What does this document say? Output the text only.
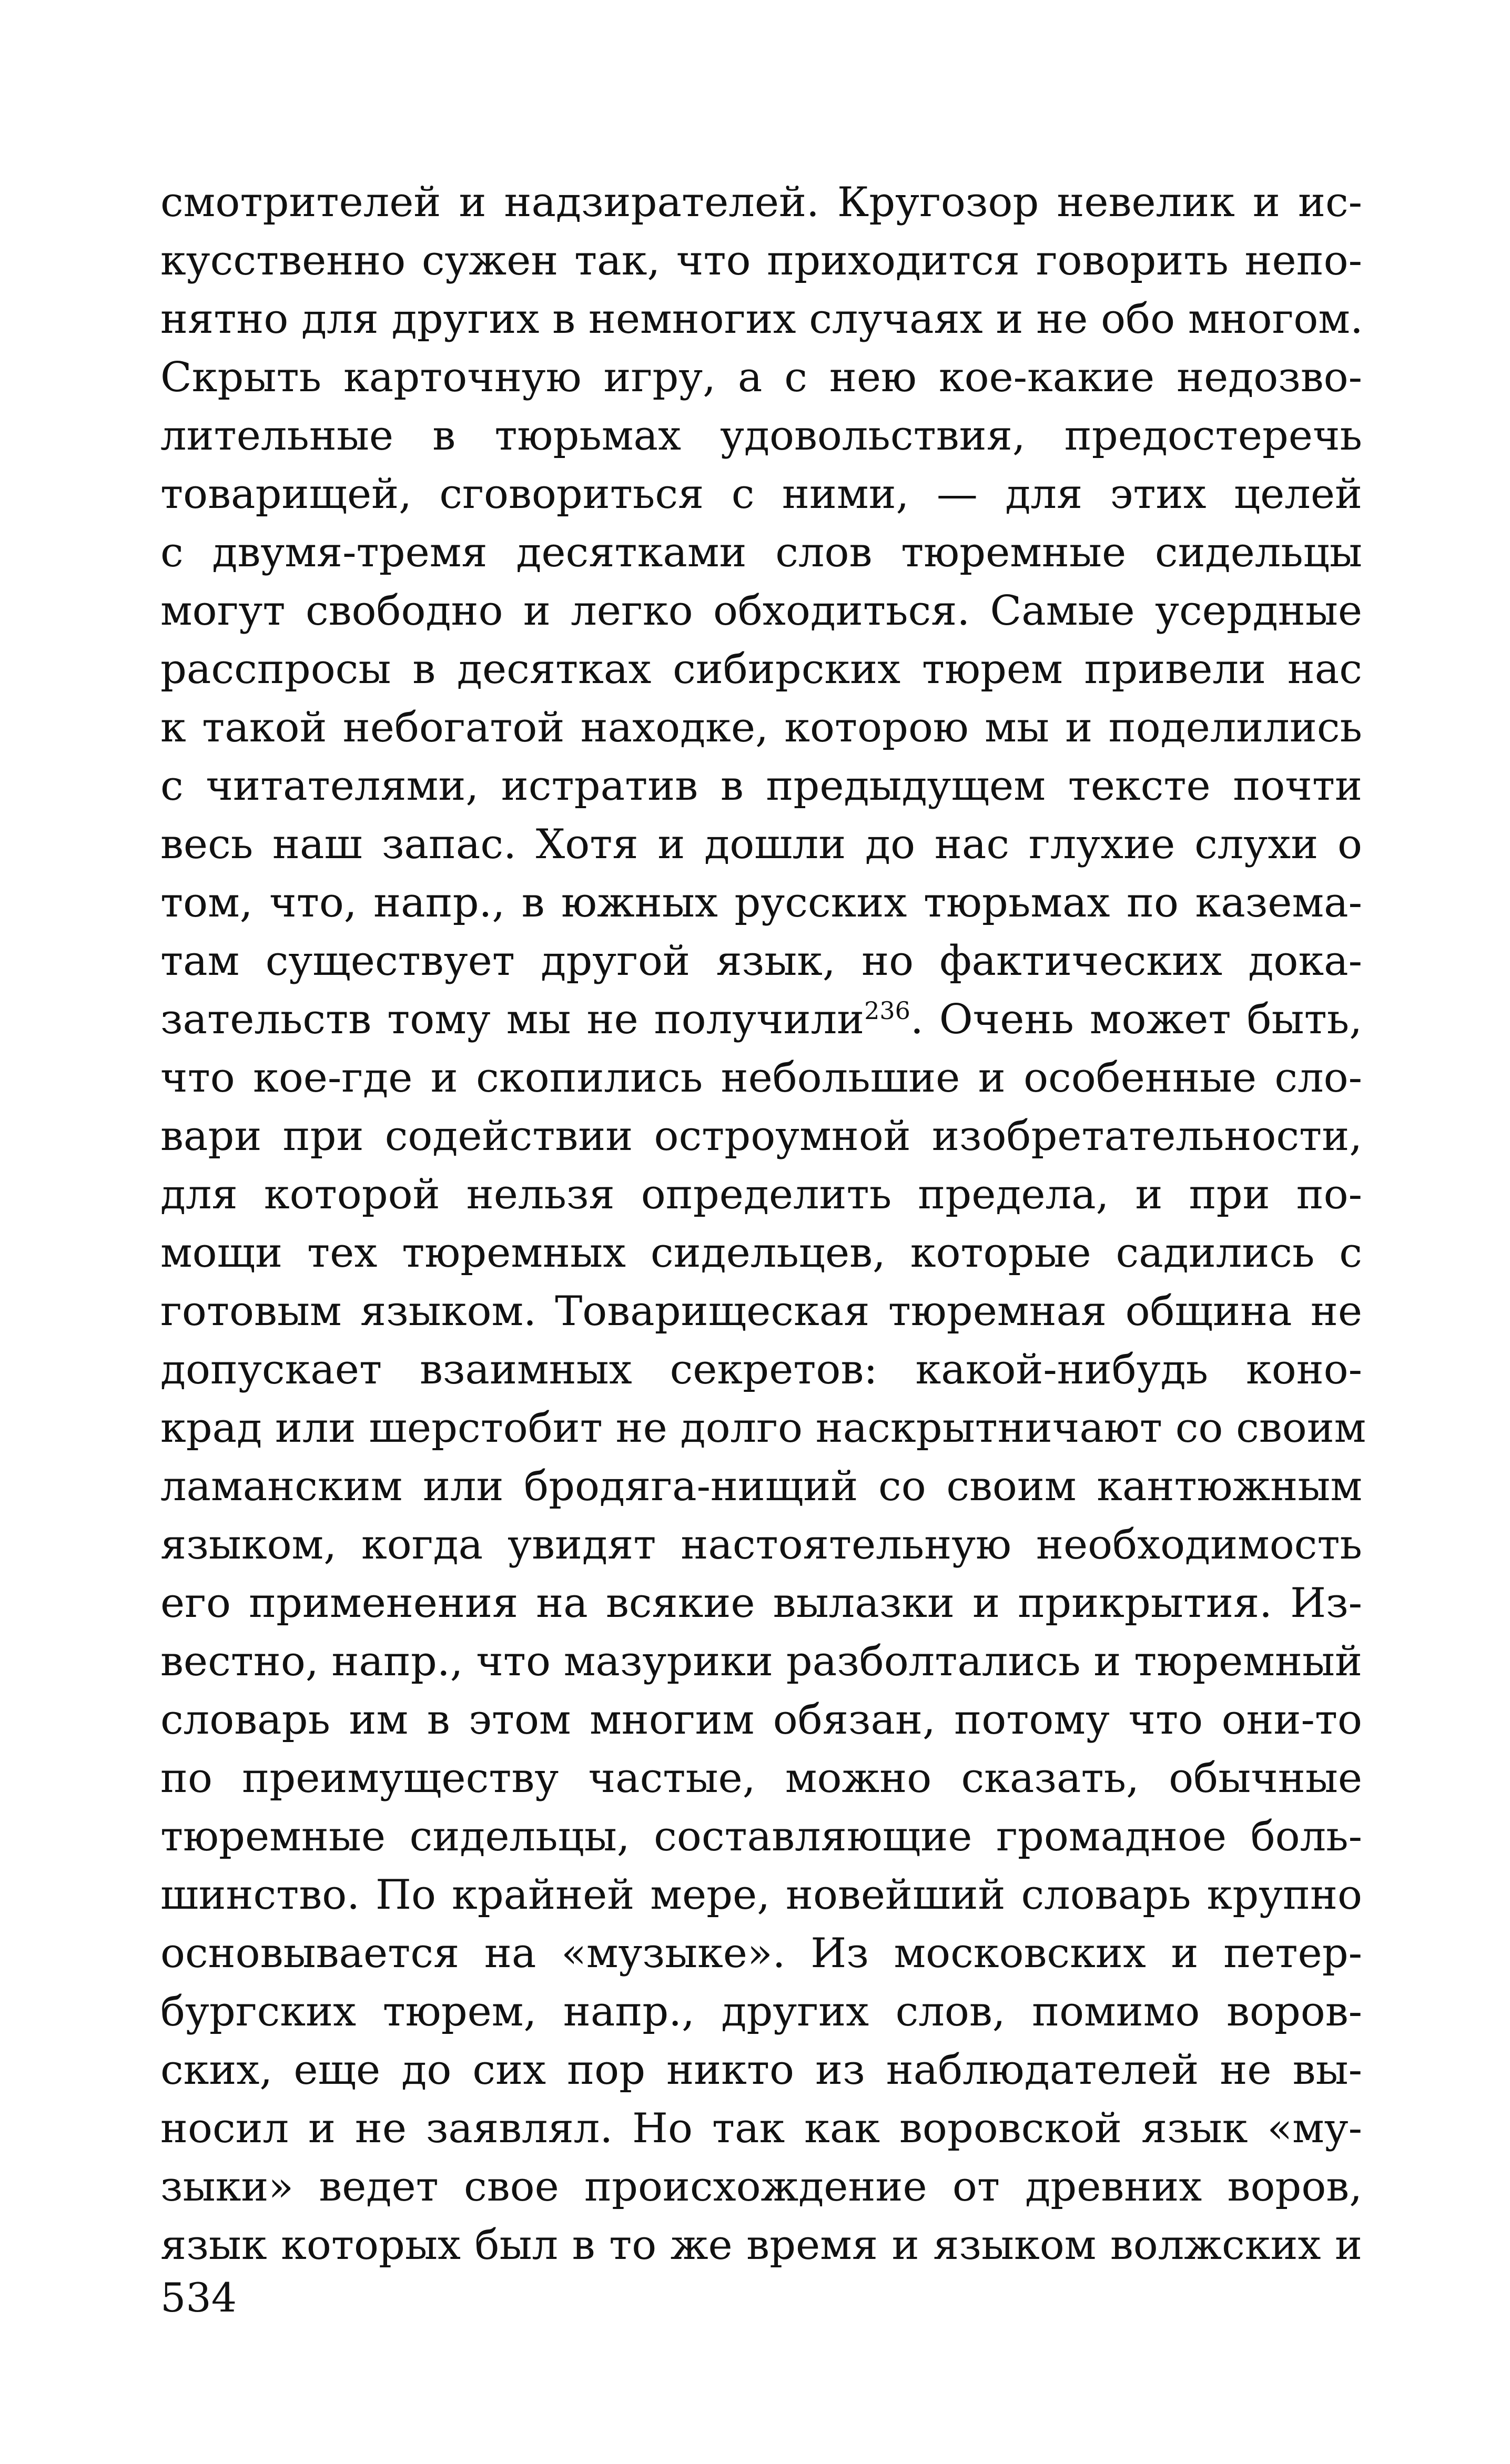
смотрителей и надзирателей. Кругозор невелик и ис-
кусственно сужен так, что приходится говорить непо-
нятно для других в немногих случаях и не обо многом.
Скрыть карточную игру, а с нею кое-какие недозво-
лительные в тюрьмах удовольствия, предостеречь
товарищей, сговориться с ними, — для этих целей
с двумя-тремя десятками слов тюремные сидельцы
могут свободно и легко обходиться. Самые усердные
расспросы в десятках сибирских тюрем привели нас
к такой небогатой находке, которою мы и поделились
с читателями, истратив в предыдущем тексте почти
весь наш запас. Хотя и дошли до нас глухие слухи о
том, что, напр., в южных русских тюрьмах по казема-
там существует другой язык, но фактических дока-
зательств тому мы не получили$^{236}$. Очень может быть,
что кое-где и скопились небольшие и особенные сло-
вари при содействии остроумной изобретательности,
для которой нельзя определить предела, и при по-
мощи тех тюремных сидельцев, которые садились с
готовым языком. Товарищеская тюремная община не
допускает взаимных секретов: какой-нибудь коно-
крад или шерстобит не долго наскрытничают со своим
ламанским или бродяга-нищий со своим кантюжным
языком, когда увидят настоятельную необходимость
его применения на всякие вылазки и прикрытия. Из-
вестно, напр., что мазурики разболтались и тюремный
словарь им в этом многим обязан, потому что они-то
по преимуществу частые, можно сказать, обычные
тюремные сидельцы, составляющие громадное боль-
шинство. По крайней мере, новейший словарь крупно
основывается на «музыке». Из московских и петер-
бургских тюрем, напр., других слов, помимо воров-
ских, еще до сих пор никто из наблюдателей не вы-
носил и не заявлял. Но так как воровской язык «му-
зыки» ведет свое происхождение от древних воров,
язык которых был в то же время и языком волжских и
534
